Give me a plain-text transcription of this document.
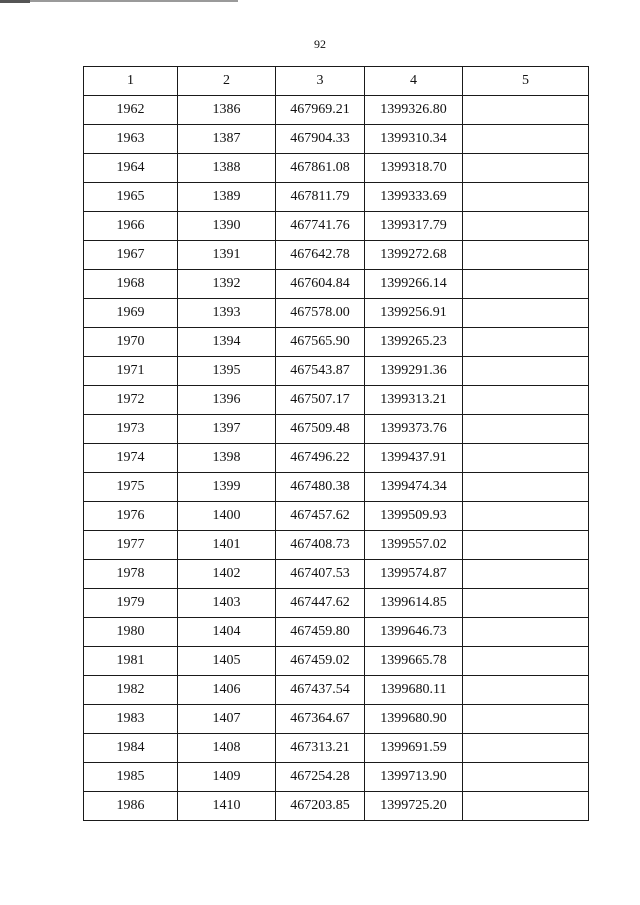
92
1	2	3	4	5
1962	1386	467969.21	1399326.80	
1963	1387	467904.33	1399310.34	
1964	1388	467861.08	1399318.70	
1965	1389	467811.79	1399333.69	
1966	1390	467741.76	1399317.79	
1967	1391	467642.78	1399272.68	
1968	1392	467604.84	1399266.14	
1969	1393	467578.00	1399256.91	
1970	1394	467565.90	1399265.23	
1971	1395	467543.87	1399291.36	
1972	1396	467507.17	1399313.21	
1973	1397	467509.48	1399373.76	
1974	1398	467496.22	1399437.91	
1975	1399	467480.38	1399474.34	
1976	1400	467457.62	1399509.93	
1977	1401	467408.73	1399557.02	
1978	1402	467407.53	1399574.87	
1979	1403	467447.62	1399614.85	
1980	1404	467459.80	1399646.73	
1981	1405	467459.02	1399665.78	
1982	1406	467437.54	1399680.11	
1983	1407	467364.67	1399680.90	
1984	1408	467313.21	1399691.59	
1985	1409	467254.28	1399713.90	
1986	1410	467203.85	1399725.20	
